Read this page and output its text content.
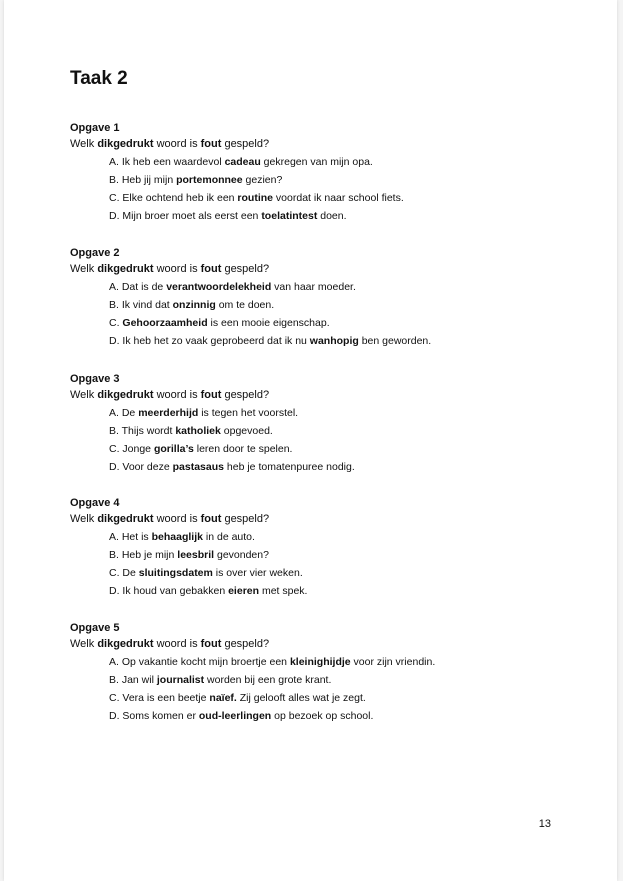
Taak 2
Opgave 1
Welk dikgedrukt woord is fout gespeld?
A. Ik heb een waardevol cadeau gekregen van mijn opa.
B. Heb jij mijn portemonnee gezien?
C. Elke ochtend heb ik een routine voordat ik naar school fiets.
D. Mijn broer moet als eerst een toelatintest doen.
Opgave 2
Welk dikgedrukt woord is fout gespeld?
A. Dat is de verantwoordelekheid van haar moeder.
B. Ik vind dat onzinnig om te doen.
C. Gehoorzaamheid is een mooie eigenschap.
D. Ik heb het zo vaak geprobeerd dat ik nu wanhopig ben geworden.
Opgave 3
Welk dikgedrukt woord is fout gespeld?
A. De meerderhijd is tegen het voorstel.
B. Thijs wordt katholiek opgevoed.
C. Jonge gorilla’s leren door te spelen.
D. Voor deze pastasaus heb je tomatenpuree nodig.
Opgave 4
Welk dikgedrukt woord is fout gespeld?
A. Het is behaaglijk in de auto.
B. Heb je mijn leesbril gevonden?
C. De sluitingsdatem is over vier weken.
D. Ik houd van gebakken eieren met spek.
Opgave 5
Welk dikgedrukt woord is fout gespeld?
A. Op vakantie kocht mijn broertje een kleinighijdje voor zijn vriendin.
B. Jan wil journalist worden bij een grote krant.
C. Vera is een beetje naïef. Zij gelooft alles wat je zegt.
D. Soms komen er oud-leerlingen op bezoek op school.
13
